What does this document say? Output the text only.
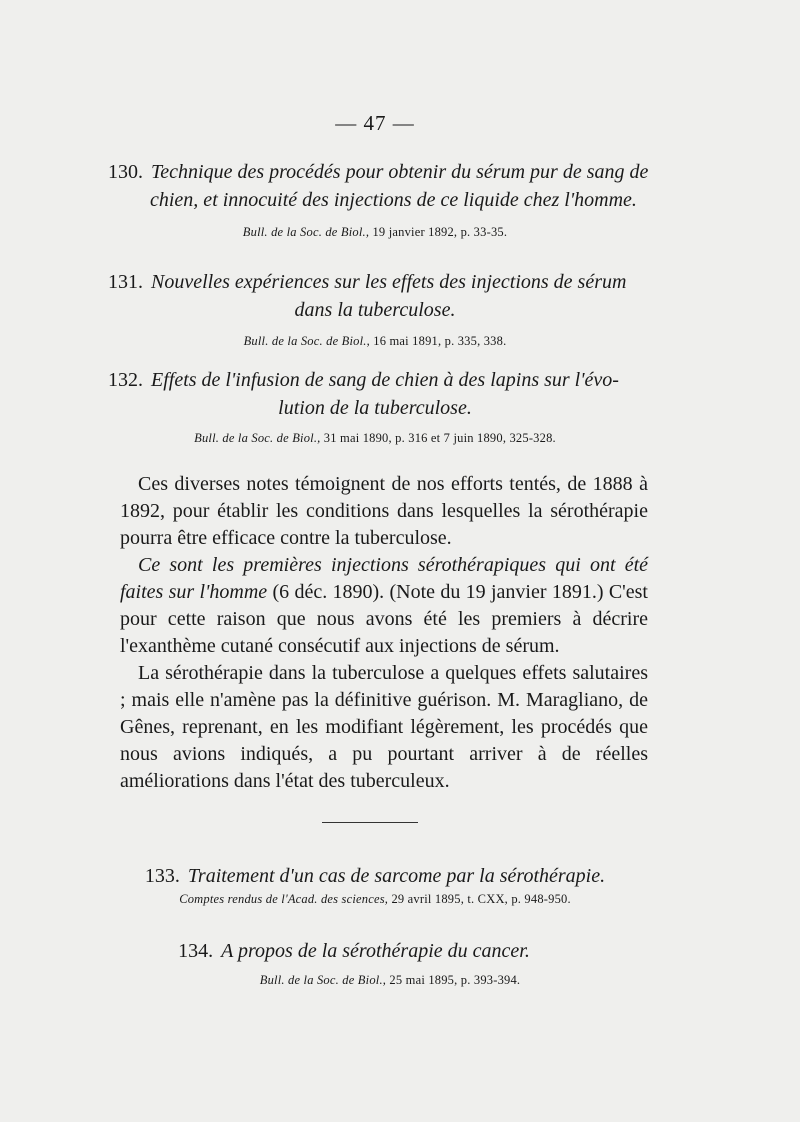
— 47 —
130. Technique des procédés pour obtenir du sérum pur de sang de
chien, et innocuité des injections de ce liquide chez l'homme.
Bull. de la Soc. de Biol., 19 janvier 1892, p. 33-35.
131. Nouvelles expériences sur les effets des injections de sérum
dans la tuberculose.
Bull. de la Soc. de Biol., 16 mai 1891, p. 335, 338.
132. Effets de l'infusion de sang de chien à des lapins sur l'évo-
lution de la tuberculose.
Bull. de la Soc. de Biol., 31 mai 1890, p. 316 et 7 juin 1890, 325-328.

Ces diverses notes témoignent de nos efforts tentés, de 1888 à 1892, pour établir les conditions dans lesquelles la sérothérapie pourra être efficace contre la tuberculose.

Ce sont les premières injections sérothérapiques qui ont été faites sur l'homme (6 déc. 1890). (Note du 19 janvier 1891.) C'est pour cette raison que nous avons été les premiers à décrire l'exanthème cutané consécutif aux injections de sérum.

La sérothérapie dans la tuberculose a quelques effets salutaires ; mais elle n'amène pas la définitive guérison. M. Maragliano, de Gênes, reprenant, en les modifiant légèrement, les procédés que nous avions indiqués, a pu pourtant arriver à de réelles améliorations dans l'état des tuberculeux.

133. Traitement d'un cas de sarcome par la sérothérapie.
Comptes rendus de l'Acad. des sciences, 29 avril 1895, t. CXX, p. 948-950.
134. A propos de la sérothérapie du cancer.
Bull. de la Soc. de Biol., 25 mai 1895, p. 393-394.
